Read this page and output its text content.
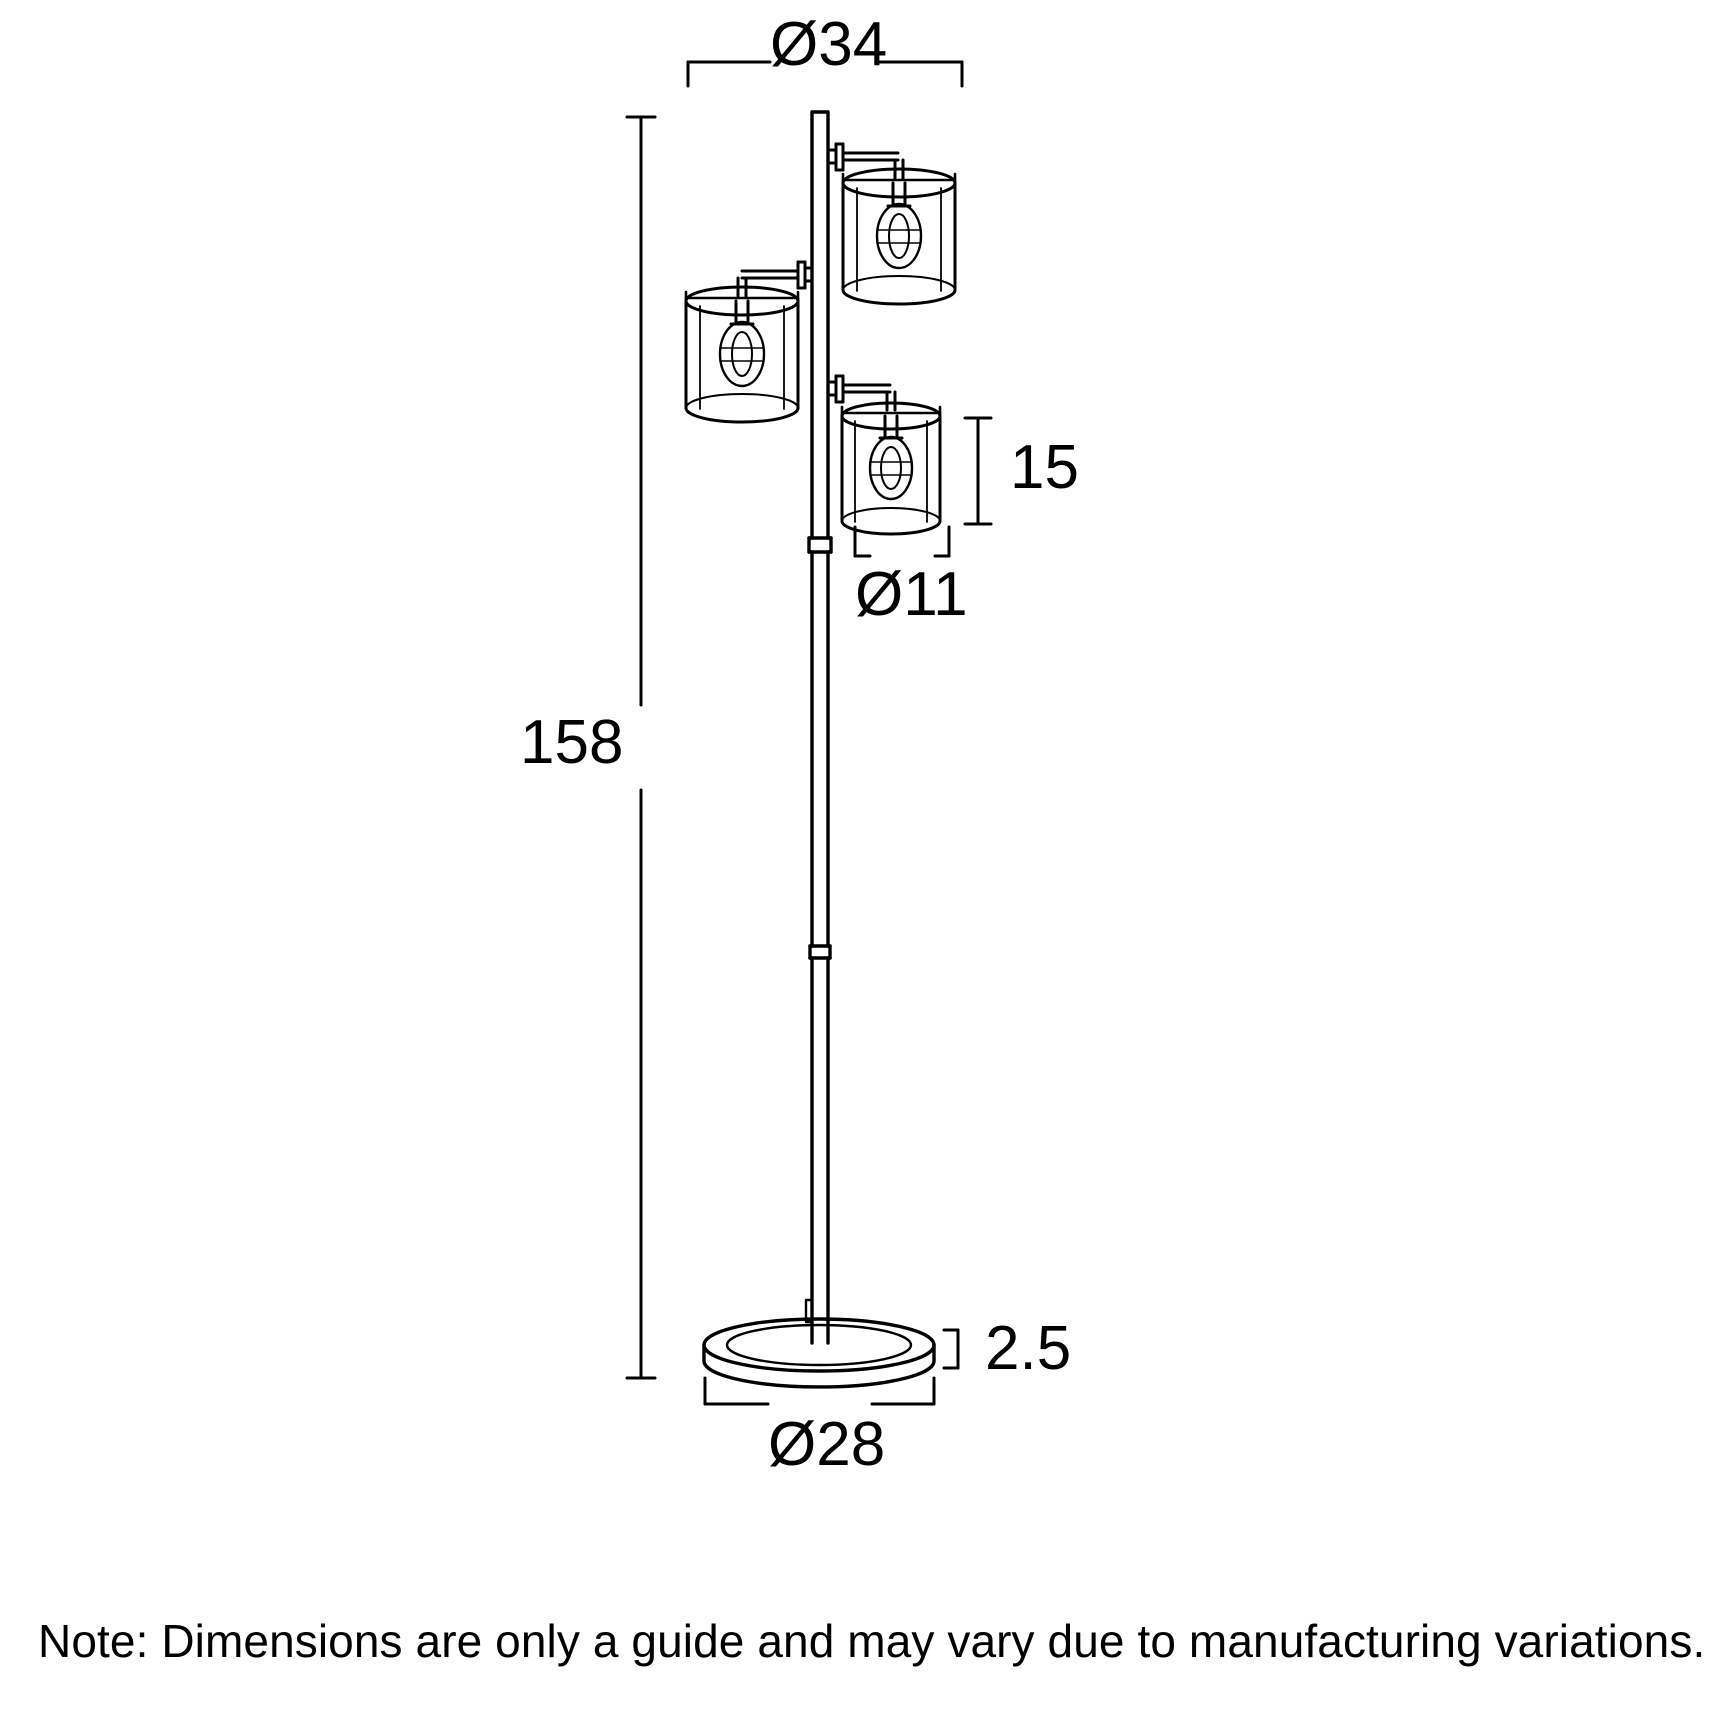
Ø34
15
Ø11
158
2.5
Ø28
Note: Dimensions are only a guide and may vary due to manufacturing variations.
